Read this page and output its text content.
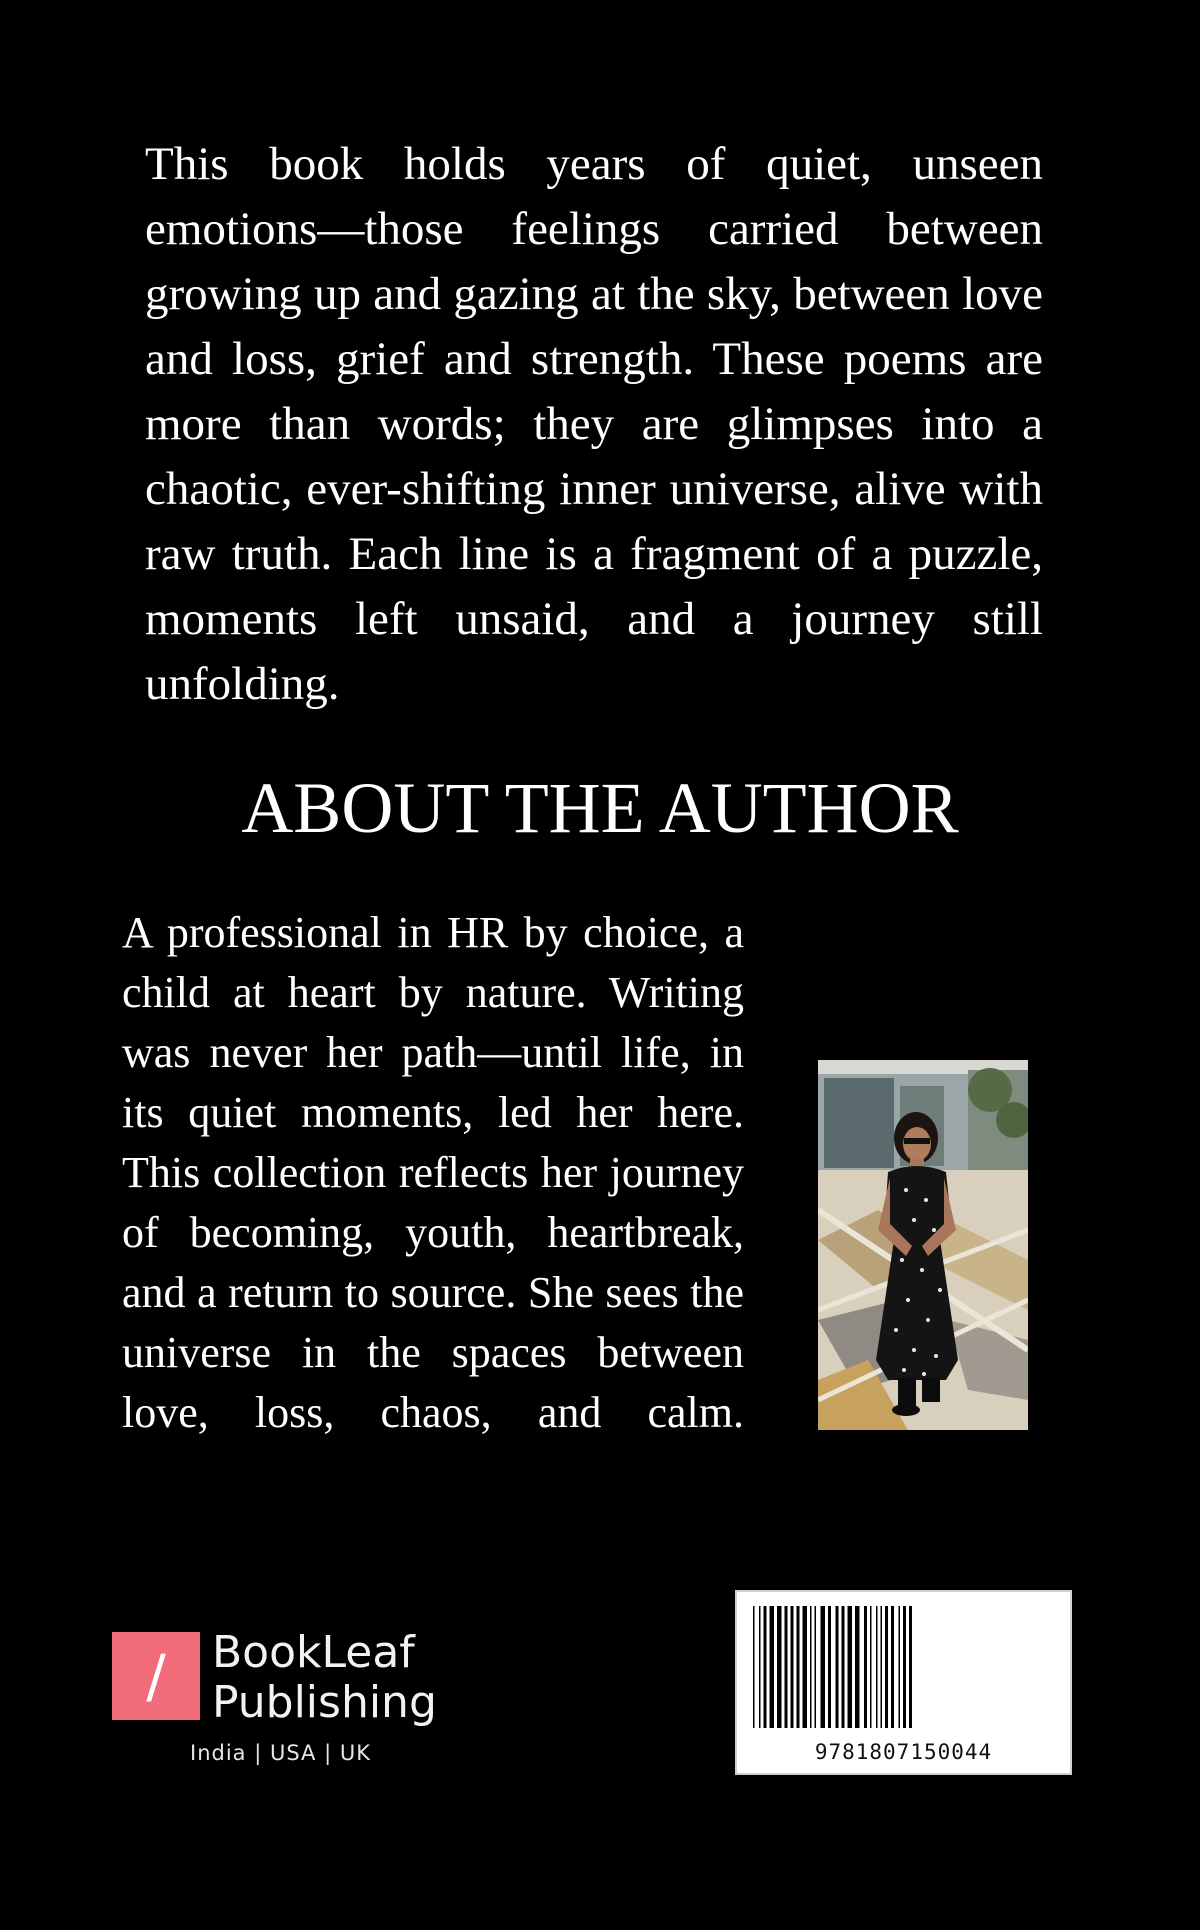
This book holds years of quiet, unseen emotions—those feelings carried between growing up and gazing at the sky, between love and loss, grief and strength. These poems are more than words; they are glimpses into a chaotic, ever-shifting inner universe, alive with raw truth. Each line is a fragment of a puzzle, moments left unsaid, and a journey still unfolding.

ABOUT THE AUTHOR

A professional in HR by choice, a child at heart by nature. Writing was never her path—until life, in its quiet moments, led her here. This collection reflects her journey of becoming, youth, heartbreak, and a return to source. She sees the universe in the spaces between love, loss, chaos, and calm.

/	BookLeaf
Publishing
India | USA | UK	9781807150044
